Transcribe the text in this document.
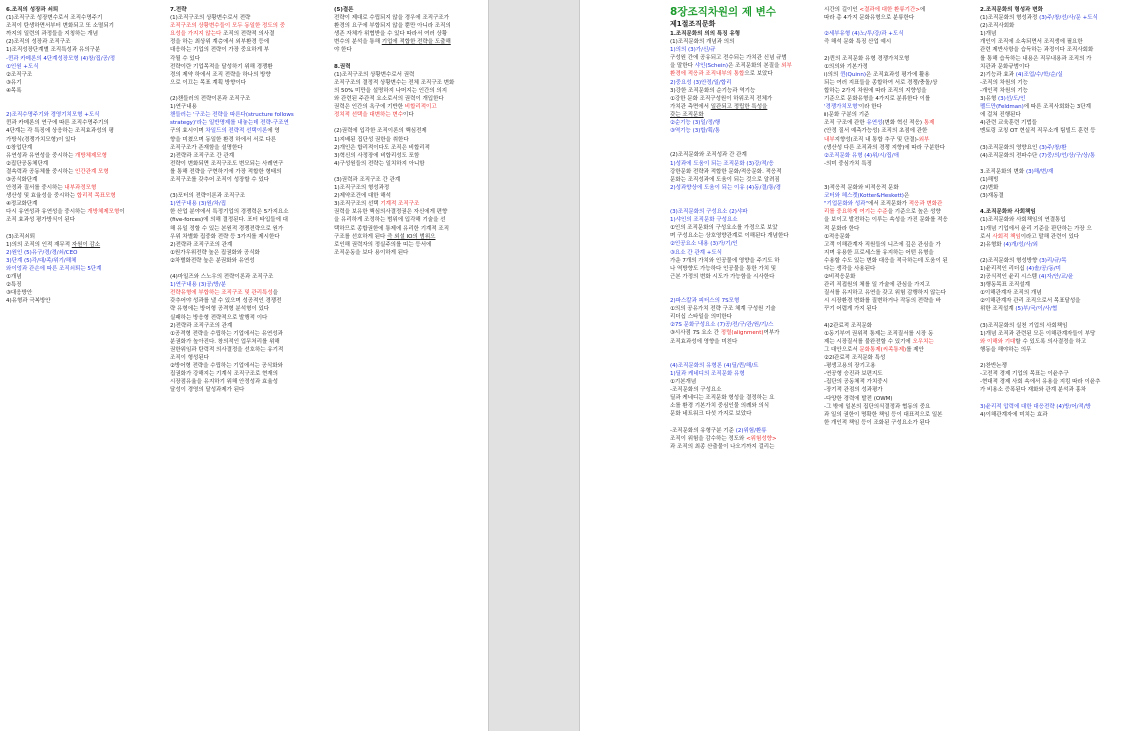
6.조직의 성장과 쇠퇴
(1)조직구조 성장변수로서 조직수명주기
조직이 탄생하면서부터 변화되고 또 소멸되기
까지의 일련의 과정들을 지칭하는 개념
(2)조직의 성장과 조직구조
1)조직성장단계별 조직특성과 유의구분
-퀸과 카메론의 4단계성장모형 (4)창/집/공/정
①인원 +도식
②조직구조
③유기
④목록
2)조직수명주기와 경영기치모형 +도식
퀸과 카메론의 연구에 따른 조직수명주기의
4단계는 각 특징에 상응하는 조직효과성의 평
가방식(경쟁가치모형)이 있다
①창업단계
유연성과 유연성을 중시하는 개방체제모형
②집단공동체단계
결속력과 공동체를 중시하는 인간관계 모형
③공식화단계
안정과 질서를 중시하는 내부과정모형
생산성 및 효율성을 중시하는 합리적 목표모형
④정교화단계
다시 유연성과 유연성을 중시하는 개방체제모형이
조직 효과성 평가방식이 된다
(3)조직쇠퇴
1)의의 조직의 인적 재무적 자원이 감소
2)원인 (5)유구/경/경/쇠/CEO
3)단계 (5)각/대/족/위기/해체
와이엉과 관손에 따른 조직쇠퇴는 5단계
①개념
②특징
③대응방안
4)유형과 극복방안
7.전략
(1)조직구조의 상황변수로서 전략
조직구조의 상황변수들이 모두 동일한 정도의 중
요성을 가지지 않는다 조직의 전략적 의사결
정을 하는 최상위 계층에서 외부환경 등에
대응하는 기업의 전략이 가장 중요하게 부
각될 수 있다
전략이란 기업목적을 달성하기 위해 경쟁환
경의 제약 하에서 조직 전략을 하나의 방향
으로 이끄는 목표 계획 방향이다
(2)챈들러의 전략이론과 조직구조
1)연구내용
챈들러는 '구조는 전략을 따른다(structure follows
strategy)'라는 일반명제를 내놓는데 전략-구조연
구의 효시이며 차일드의 전략적 선택이론에 영
향을 미쳤으며 동일한 환경 하에서 서로 다른
조직구조가 존재함을 설명한다
2)전략과 조직구조 간 관계
전략이 변화되면 조직구조도 변모되는 사례연구
를 통해 전략을 구현하기에 가장 적합한 형태의
조직구조를 갖추어 조직이 성장할 수 있다
(3)포터의 전략이론과 조직구조
1)연구내용 (3)원/차/집
한 산업 분야에서 특정기업의 경쟁력은 5가지요소
(five-forces)에 의해 결정된다. 포터 타입들에 대
해 유일 정할 수 있는 본원적 경쟁전략으로 원가
우위 차별화 집중화 전략 등 3가지를 제시한다
2)전략과 조직구조의 관계
①원가우위전략 높은 집권화와 공식화
②차별화전략 높은 분권화와 유연성
(4)마일즈와 스노우의 전략이론과 조직구조
1)연구내용 (3)공/방/분
전략유형에 부합하는 조직구조 및 관리특성을
갖추어야 성과를 낼 수 있으며 성공적인 경쟁전
략 유형에는 방어형 공격형 분석형이 있다
실패하는 방응형 전략적으로 발행적 이다
2)전략과 조직구조의 관계
①공격형 전략을 수립하는 기업에서는 유연성과
분권화가 높아진다. 창의적인 업무처리를 위해
권한위임과 탄력적 의사결정을 선호하는 유기적
조직이 형성된다
②방어형 전략을 수립하는 기업에서는 공식화와
집권화가 강해지는 기계식 조직구조로 현재의
시장점유율을 유지하기 위해 안정성과 효율성
달성이 경영의 달성과제가 된다
(5)결론
전략이 제대로 수립되지 않을 경우에 조직구조가
환경의 요구에 부합되지 않을 뿐만 아니라 조직의
생존 자체가 위협받을 수 있다 따라서 여러 상황
변수의 분석을 통해 기업에 적합한 전략을 도출해
야 한다
8.권력
(1)조직구조의 상황변수로서 권력
조직구조의 결정적 상황변수는 전체 조직구조 변화
의 50% 미만을 설명하지 나머지는 인간의 의지
와 관련된 주관적 요소로서의 권력이 개입한다
권력은 인간의 욕구에 기반한 비합리적이고
정치적 선택을 대변하는 변수이다
(2)권력에 입각한 조직이론의 핵심전제
1)지배된 집단성 권한을 취한다
2)개인은 합리적이다도 조직은 비합리적
3)혁신의 사정장에 비합리성도 포함
4)구성원들의 전략는 일치하지 아니함
(3)권력과 조직구조 간 관계
1)조직구조의 형성과정
2)제약조건에 대한 해석
3)조직구조의 선택 기계적 조직구조
권력을 보유한 핵심의사결정권은 자신에게 편향
을 유리하게 조정하는 범위에 입각해 기술을 선
택하므로 종합권한에 통제에 유리한 기계적 조직
구조를 선호하게 된다 즉 외설 IO의 범위으
로인해 권력자의 정실주의를 띠는 등서에
조직운동을 보다 용이하게 된다
8장조직차원의 제 변수
제1절조직문화
1.조직문화의 의의 특징 유형
(1)조직문화의 개념과 의의
1)의의 (3)가/신/규
구성원 간에 공유되고 전수되는 가치관 신념 규범
을 말한다 샤인(Schein)은 조직문화의 본질을 외부
환경에 적응과 조직내부의 통합으로 보았다
2)중요성 (3)안정/일/합리
3)강한 조직문화의 순기능과 역기능
①강한 문화 조직구성원이 하위조직 전체가
가치관 측면에서 일관되고 정립한 특성을
갖는 조직문화
②순기능 (3)일/정/행
③역기능 (3)합/획/통
(2)조직문화와 조직성과 간 관계
1)성과에 도움이 되는 조직문화 (3)강/적/응
강한문화 전략과 적합한 문화/적응문화. 적응적
문화는 조직성과에 도움이 되는 것으로 알려짐
2)성과향상에 도움이 되는 이유 (4)동/결/통/경
(3)조직문화의 구성요소 (2)샤파
1)샤인의 조직문화 구성요소
①인의 조직문화의 구성요소를 가정으로 보았
며 구성요소는 상호영향관계로 이해된다 개념한다
②인공요소 내용 (3)가/기/인
③요소 간 관계 +도식
가운 7개의 가치와 인공물에 영향을 주기도 하
나 역방향도 가능하다 인공물을 통한 가치 및
근본 가정의 변화 시도가 가능함을 시사한다
2)파스칼과 피터스의 7S모형
①의의 공유가치 전략 구조 체계 구성원 기술
리더십 스타일을 의미한다
②7S 문화구성요소 (7)공/전/구/관/원/기/스
③시사점 7S 요소 간 정렬(alignment)여부가
조직효과성에 영향을 미친다
(4)조직문화의 유형론 (4)딜/퀸/해/트
1)딜과 케네디의 조직문화 유형
①기본개념
-조직문화의 구성요소
딜과 케네디는 조직문화 형성을 결정하는 요
소를 환경 기본가치 중심인물 의례와 의식
문화 네트워크 다섯 가지로 보았다
-조직문화의 유형구분 기준 (2)위험/환류
조직이 위험을 감수하는 정도와 <위험성향>
과 조직의 최종 산출물이 나오기까지 걸리는
시간의 길이인 <결과에 대한 환류기간>에
따라 총 4가지 문화유형으로 분류한다
②세부유형 (4)노/투/강/과 +도식
즉 해석 문화 특징 산업 예시
2)퀸의 조직문화 유형 경쟁가치모형
①의의와 기본가정
ⅰ)의의 퀸(Quinn)은 조직효과성 평가에 활용
되는 여러 지표들을 종합하여 서로 경쟁/충돌/상
합하는 2가지 차원에 따라 조직의 지향성을
기준으로 문화유형을 4가지로 분류한다 이를
'경쟁가치모형'이라 한다
ⅱ)문화 구분의 기준
조직 구조에 관한 유연성(변화 혁신 적응) 통제
(안정 질서 예측가능성) 조직의 초점에 관한
내부지향성(조직 내 통합 추구 및 단결)-외부
(생산성 다른 조직과의 경쟁 지향)에 따라 구분한다
②조직문화 유형 (4)위/시/집/애
-의미 중심가치 특징
3)적응적 문화와 비적응적 문화
코터와 헤스켓(Kotter&Heskett)은
"기업문화와 성과"에서 조직문화가 적응과 변화관
리를 중요하게 여기는 수준을 기준으로 높은 성향
을 보이고 발전하는 이루는 속성을 가진 문화를 적응
적 문화라 한다
①적응문화
고객 이해관계자 직원들의 니즈에 깊은 관심을 가
지며 유용한 프로세스를 유지하는 어떤 유형을
수용할 수도 있는 변화 대응을 적극하는데 도움이 된
다는 생각을 사용된다
②비적응문화
관리 직접원의 체를 일 가술에 관심을 가지고
질서를 유지하고 유연을 갖고 위험 감행하지 않는다
시 시장환경 변화를 질변하거나 작동의 전략을 바
꾸기 어렵게 가지 된다
4)2관료적 조직문화
①동기부여 권위적 통제는 조직질서를 시장 동
제는 시장질서를 불완전할 수 있기에 오우치는
그 대안으로서 문화통제(씨족통제)를 제안
②2Ⅰ관료적 조직문화 특성
-평생고용의 장기고용
-연공형 승진과 보편지도
-집단의 공동체적 가치중시
-장기적 관점의 성과평가
-다양한 경력에 발전 (OWM)
-그 밖에 일본의 집단의식결정과 협동의 중요
과 일의 권한이 명확한 책임 등이 대표적으로 일본
한 개인적 책임 등이 조화된 구성요소가 된다
2.조직문화의 형성과 변화
(1)조직문화의 형성과정 (3)주/창/선/사/문 +도식
(2)조직사회화
1)개념
개인이 조직에 소속되면서 조직생에 필요한
관련 제반사항을 습득하는 과정이다 조직사회화
를 통해 습득하는 내용은 직무내용과 조직의 가
치관과 문화규범이다
2)기능과 효과 (4)조업/수/학/순/실
-조직의 차원의 기능
-개인적 차원의 기능
3)유형 (3)선/도/인
펠드만(Feldman)에 따른 조직사회화는 3단계
에 걸쳐 진행된다
4)관련 교육훈련 기법들
멘토링 코칭 OT 현실적 직무소개 팀빌드 훈련 등
(3)조직문화의 영향요인 (3)주/창/환
(4)조직문화의 전파수단 (7)중/의/언/상/구/상/통
3.조직문화의 변화 (3)해/변/재
(1)해빙
(2)변화
(3)재동결
4.조직문화와 사회책임
(1)조직문화와 사회책임의 연결통입
1)개념 기업에서 윤리 기준을 판단하는 가장 으
로서 사회적 책임이라고 말해 관련이 있다
2)유형화 (4)개/성/사/외
(2)조직문화의 형성방향 (3)리/규/목
1)윤리적인 리더십 (4)솔/공/동/미
2)공식적인 윤리 시스템 (4)자/안/교/윤
3)행동목표 조직설계
①이해관계자 조직의 개념
②이해관계자 관리 조직으로서 목표달성을
위한 조직설계 (5)부/국/이/사/협
(3)조직문화의 실천 기업의 사회책임
1)개념 조직과 관련된 모든 이해관계자들이 부당
와 이해와 기대할 수 있도록 의사결정을 하고
행동을 해야하는 의무
2)찬반논쟁
-고전적 경제 기업의 목표는 이윤추구
-현대적 경제 사회 속에서 유용을 지킴 따라 이윤추
가 비용소 증폭된다 재화와 관계 분석과 홍차
3)윤리적 압력에 대한 대응전략 (4)방/어/적/방
4)이해관계자에 미치는 효과
